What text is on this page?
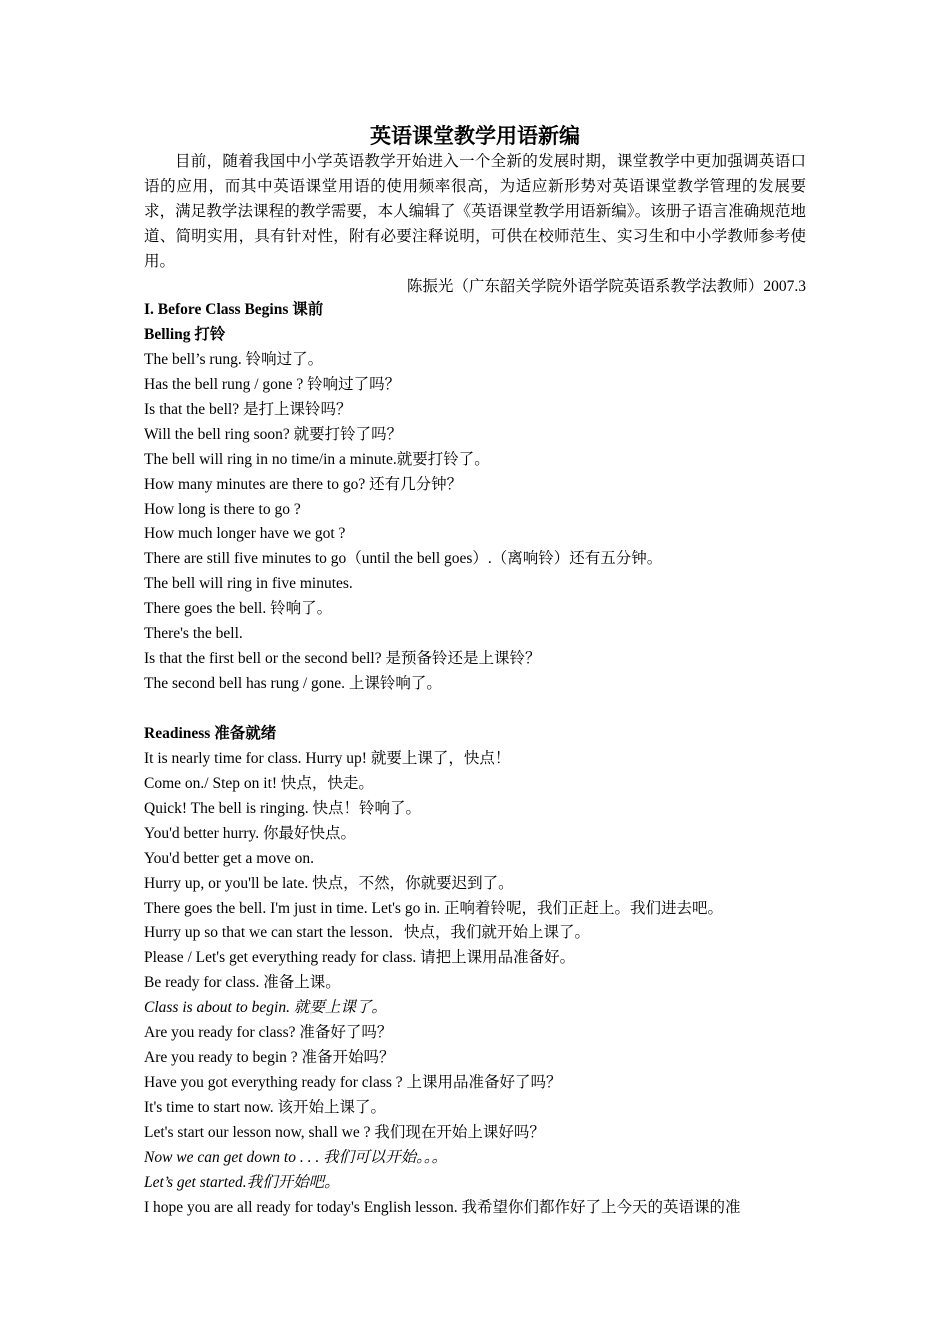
英语课堂教学用语新编
目前，随着我国中小学英语教学开始进入一个全新的发展时期，课堂教学中更加强调英语口语的应用，而其中英语课堂用语的使用频率很高，为适应新形势对英语课堂教学管理的发展要求，满足教学法课程的教学需要，本人编辑了《英语课堂教学用语新编》。该册子语言准确规范地道、简明实用，具有针对性，附有必要注释说明，可供在校师范生、实习生和中小学教师参考使用。
陈振光（广东韶关学院外语学院英语系教学法教师）2007.3
I. Before Class Begins 课前
Belling 打铃
The bell’s rung. 铃响过了。
Has the bell rung / gone ? 铃响过了吗？
Is that the bell? 是打上课铃吗？
Will the bell ring soon? 就要打铃了吗？
The bell will ring in no time/in a minute.就要打铃了。
How many minutes are there to go? 还有几分钟？
How long is there to go ?
How much longer have we got ?
There are still five minutes to go（until the bell goes）.（离响铃）还有五分钟。
The bell will ring in five minutes.
There goes the bell. 铃响了。
There's the bell.
Is that the first bell or the second bell? 是预备铃还是上课铃？
The second bell has rung / gone. 上课铃响了。
Readiness 准备就绪
It is nearly time for class. Hurry up! 就要上课了，快点！
Come on./ Step on it! 快点，快走。
Quick! The bell is ringing. 快点！铃响了。
You'd better hurry. 你最好快点。
You'd better get a move on.
Hurry up, or you'll be late. 快点，不然，你就要迟到了。
There goes the bell. I'm just in time. Let's go in. 正响着铃呢，我们正赶上。我们进去吧。
Hurry up so that we can start the lesson．快点，我们就开始上课了。
Please / Let's get everything ready for class. 请把上课用品准备好。
Be ready for class. 准备上课。
Class is about to begin. 就要上课了。
Are you ready for class? 准备好了吗？
Are you ready to begin ? 准备开始吗？
Have you got everything ready for class ? 上课用品准备好了吗？
It's time to start now. 该开始上课了。
Let's start our lesson now, shall we ? 我们现在开始上课好吗？
Now we can get down to . . . 我们可以开始。。。
Let’s get started.我们开始吧。
I hope you are all ready for today's English lesson. 我希望你们都作好了上今天的英语课的准
